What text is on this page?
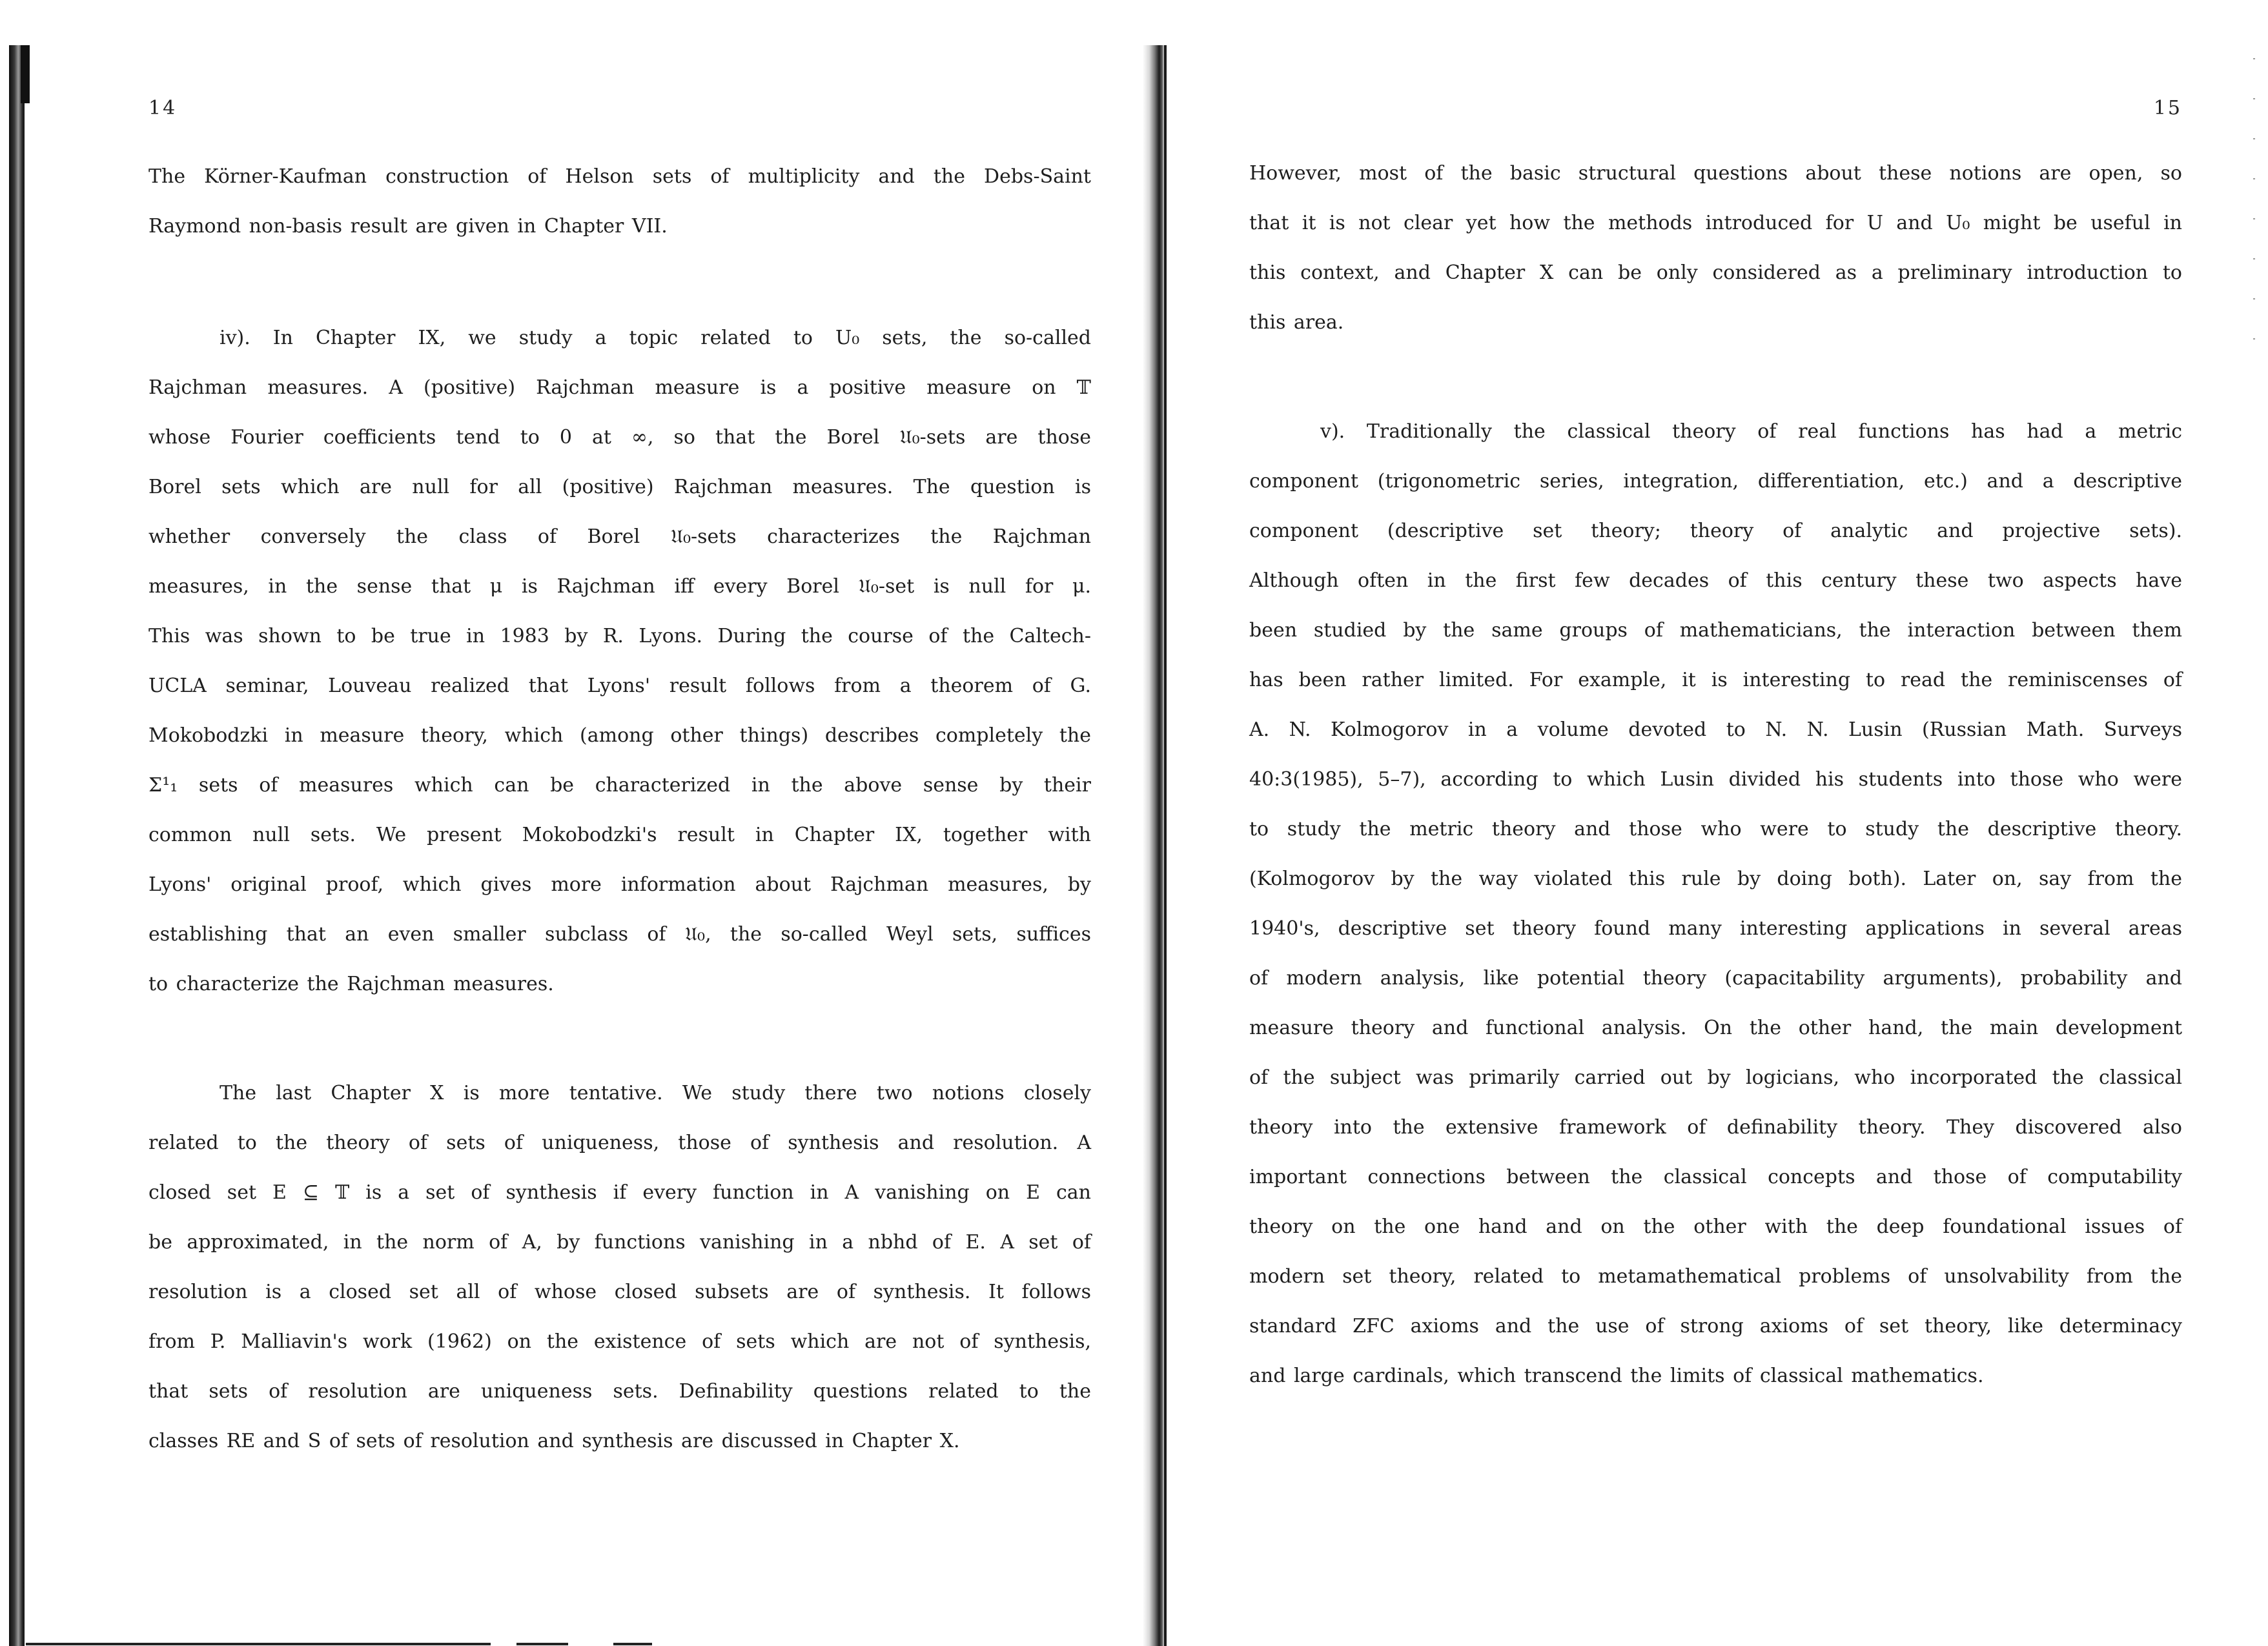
14

The Körner-Kaufman construction of Helson sets of multiplicity and the Debs-Saint

Raymond non-basis result are given in Chapter VII.

iv). In Chapter IX, we study a topic related to U₀ sets, the so-called

Rajchman measures. A (positive) Rajchman measure is a positive measure on 𝕋

whose Fourier coefficients tend to 0 at ∞, so that the Borel 𝔘₀-sets are those

Borel sets which are null for all (positive) Rajchman measures. The question is

whether conversely the class of Borel 𝔘₀-sets characterizes the Rajchman

measures, in the sense that μ is Rajchman iff every Borel 𝔘₀-set is null for μ.

This was shown to be true in 1983 by R. Lyons. During the course of the Caltech-

UCLA seminar, Louveau realized that Lyons' result follows from a theorem of G.

Mokobodzki in measure theory, which (among other things) describes completely the

Σ¹₁ sets of measures which can be characterized in the above sense by their

common null sets. We present Mokobodzki's result in Chapter IX, together with

Lyons' original proof, which gives more information about Rajchman measures, by

establishing that an even smaller subclass of 𝔘₀, the so-called Weyl sets, suffices

to characterize the Rajchman measures.

The last Chapter X is more tentative. We study there two notions closely

related to the theory of sets of uniqueness, those of synthesis and resolution. A

closed set E ⊆ 𝕋 is a set of synthesis if every function in A vanishing on E can

be approximated, in the norm of A, by functions vanishing in a nbhd of E. A set of

resolution is a closed set all of whose closed subsets are of synthesis. It follows

from P. Malliavin's work (1962) on the existence of sets which are not of synthesis,

that sets of resolution are uniqueness sets. Definability questions related to the

classes RE and S of sets of resolution and synthesis are discussed in Chapter X.

15

However, most of the basic structural questions about these notions are open, so

that it is not clear yet how the methods introduced for U and U₀ might be useful in

this context, and Chapter X can be only considered as a preliminary introduction to

this area.

v). Traditionally the classical theory of real functions has had a metric

component (trigonometric series, integration, differentiation, etc.) and a descriptive

component (descriptive set theory; theory of analytic and projective sets).

Although often in the first few decades of this century these two aspects have

been studied by the same groups of mathematicians, the interaction between them

has been rather limited. For example, it is interesting to read the reminiscenses of

A. N. Kolmogorov in a volume devoted to N. N. Lusin (Russian Math. Surveys

40:3(1985), 5–7), according to which Lusin divided his students into those who were

to study the metric theory and those who were to study the descriptive theory.

(Kolmogorov by the way violated this rule by doing both). Later on, say from the

1940's, descriptive set theory found many interesting applications in several areas

of modern analysis, like potential theory (capacitability arguments), probability and

measure theory and functional analysis. On the other hand, the main development

of the subject was primarily carried out by logicians, who incorporated the classical

theory into the extensive framework of definability theory. They discovered also

important connections between the classical concepts and those of computability

theory on the one hand and on the other with the deep foundational issues of

modern set theory, related to metamathematical problems of unsolvability from the

standard ZFC axioms and the use of strong axioms of set theory, like determinacy

and large cardinals, which transcend the limits of classical mathematics.
